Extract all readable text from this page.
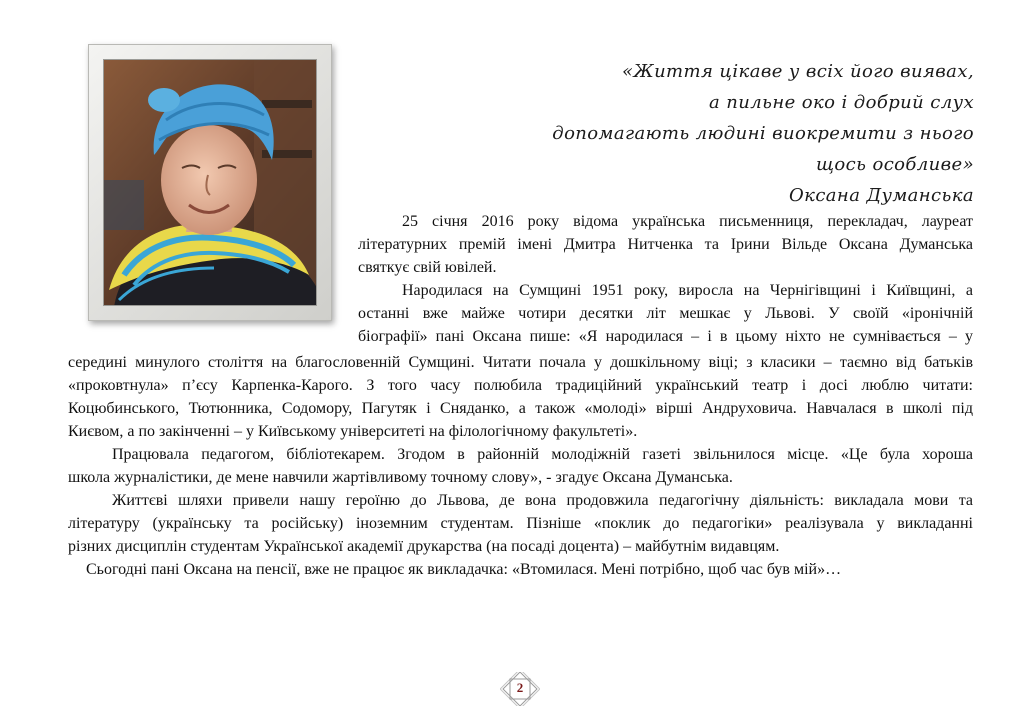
«Життя цікаве у всіх його виявах,
а пильне око і добрий слух
допомагають людині виокремити з нього
щось особливе»
Оксана Думанська
25 січня 2016 року відома українська письменниця, перекладач, лауреат
літературних премій імені Дмитра Нитченка та Ірини Вільде Оксана Думанська
святкує свій ювілей.
Народилася на Сумщині 1951 року, виросла на Чернігівщині і Київщині, а
останні вже майже чотири десятки літ мешкає у Львові. У своїй «іронічній
біографії» пані Оксана пише: «Я народилася – і в цьому ніхто не сумнівається – у
середині минулого століття на благословенній Сумщині. Читати почала у дошкільному віці; з класики – таємно від батьків
«проковтнула» п’єсу Карпенка-Карого. З того часу полюбила традиційний український театр і досі люблю читати:
Коцюбинського, Тютюнника, Содомору, Пагутяк і Сняданко, а також «молоді» вірші Андруховича. Навчалася в школі під
Києвом, а по закінченні – у Київському університеті на філологічному факультеті».
Працювала педагогом, бібліотекарем. Згодом в районній молодіжній газеті звільнилося місце. «Це була хороша
школа журналістики, де мене навчили жартівливому точному слову», - згадує Оксана Думанська.
Життєві шляхи привели нашу героїню до Львова, де вона продовжила педагогічну діяльність: викладала мови та
літературу (українську та російську) іноземним студентам. Пізніше «поклик до педагогіки» реалізувала у викладанні
різних дисциплін студентам Української академії друкарства (на посаді доцента) – майбутнім видавцям.
Сьогодні пані Оксана на пенсії, вже не працює як викладачка: «Втомилася. Мені потрібно, щоб час був мій»…
2
